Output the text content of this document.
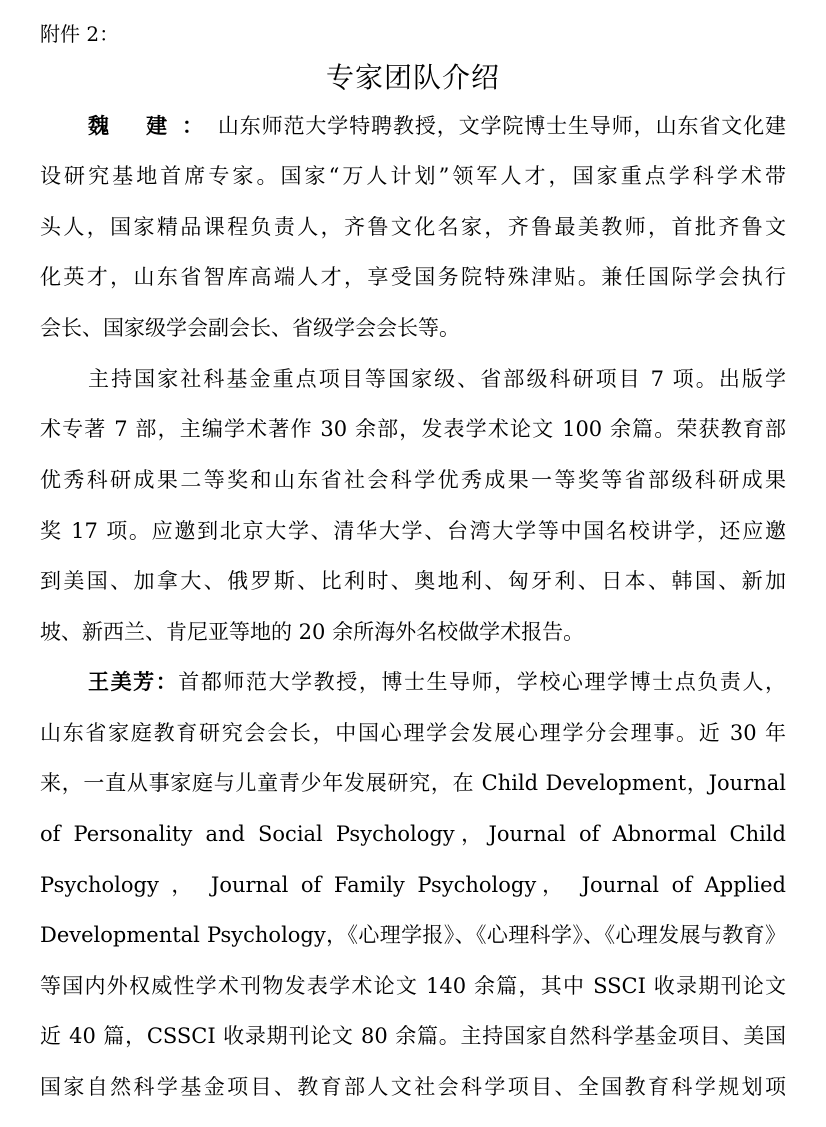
附件 2：
专家团队介绍
魏 建：山东师范大学特聘教授，文学院博士生导师，山东省文化建
设研究基地首席专家。国家“万人计划”领军人才，国家重点学科学术带
头人，国家精品课程负责人，齐鲁文化名家，齐鲁最美教师，首批齐鲁文
化英才，山东省智库高端人才，享受国务院特殊津贴。兼任国际学会执行
会长、国家级学会副会长、省级学会会长等。
主持国家社科基金重点项目等国家级、省部级科研项目 7 项。出版学
术专著 7 部，主编学术著作 30 余部，发表学术论文 100 余篇。荣获教育部
优秀科研成果二等奖和山东省社会科学优秀成果一等奖等省部级科研成果
奖 17 项。应邀到北京大学、清华大学、台湾大学等中国名校讲学，还应邀
到美国、加拿大、俄罗斯、比利时、奥地利、匈牙利、日本、韩国、新加
坡、新西兰、肯尼亚等地的 20 余所海外名校做学术报告。
王美芳：首都师范大学教授，博士生导师，学校心理学博士点负责人，
山东省家庭教育研究会会长，中国心理学会发展心理学分会理事。近 30 年
来，一直从事家庭与儿童青少年发展研究，在 Child Development，Journal
of Personality and Social Psychology，Journal of Abnormal Child
Psychology ， Journal of Family Psychology， Journal of Applied
Developmental Psychology，《心理学报》、《心理科学》、《心理发展与教育》
等国内外权威性学术刊物发表学术论文 140 余篇，其中 SSCI 收录期刊论文
近 40 篇，CSSCI 收录期刊论文 80 余篇。主持国家自然科学基金项目、美国
国家自然科学基金项目、教育部人文社会科学项目、全国教育科学规划项
